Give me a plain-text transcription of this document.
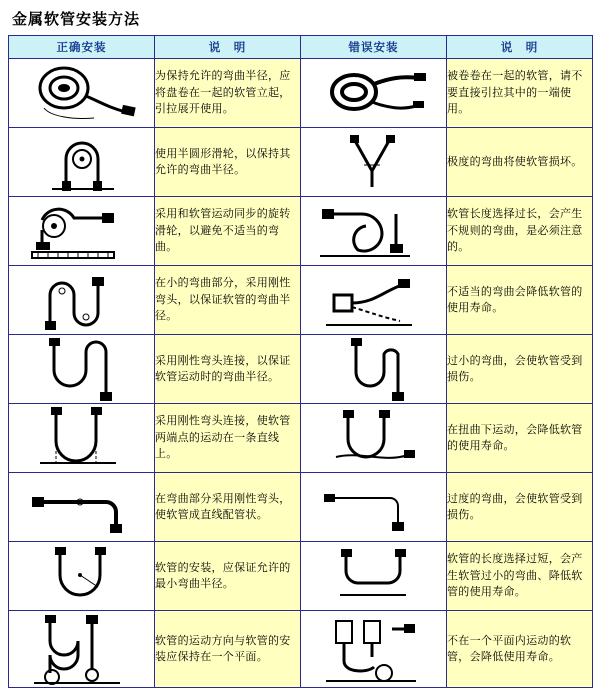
金属软管安装方法
正确安装	说　明	错误安装	说　明

	为保持允许的弯曲半径，应将盘卷在一起的软管立起，引拉展开使用。		被卷卷在一起的软管，请不要直接引拉其中的一端使用。

	使用半圆形滑轮，以保持其允许的弯曲半径。		极度的弯曲将使软管损坏。

	采用和软管运动同步的旋转滑轮，以避免不适当的弯曲。		软管长度选择过长，会产生不规则的弯曲，是必须注意的。

	在小的弯曲部分，采用刚性弯头，以保证软管的弯曲半径。		不适当的弯曲会降低软管的使用寿命。

	采用刚性弯头连接，以保证软管运动时的弯曲半径。		过小的弯曲，会使软管受到损伤。

	采用刚性弯头连接，使软管两端点的运动在一条直线上。		在扭曲下运动，会降低软管的使用寿命。

	在弯曲部分采用刚性弯头，使软管成直线配管状。		过度的弯曲，会使软管受到损伤。

	软管的安装，应保证允许的最小弯曲半径。		软管的长度选择过短，会产生软管过小的弯曲、降低软管的使用寿命。

	软管的运动方向与软管的安装应保持在一个平面。		不在一个平面内运动的软管，会降低使用寿命。
